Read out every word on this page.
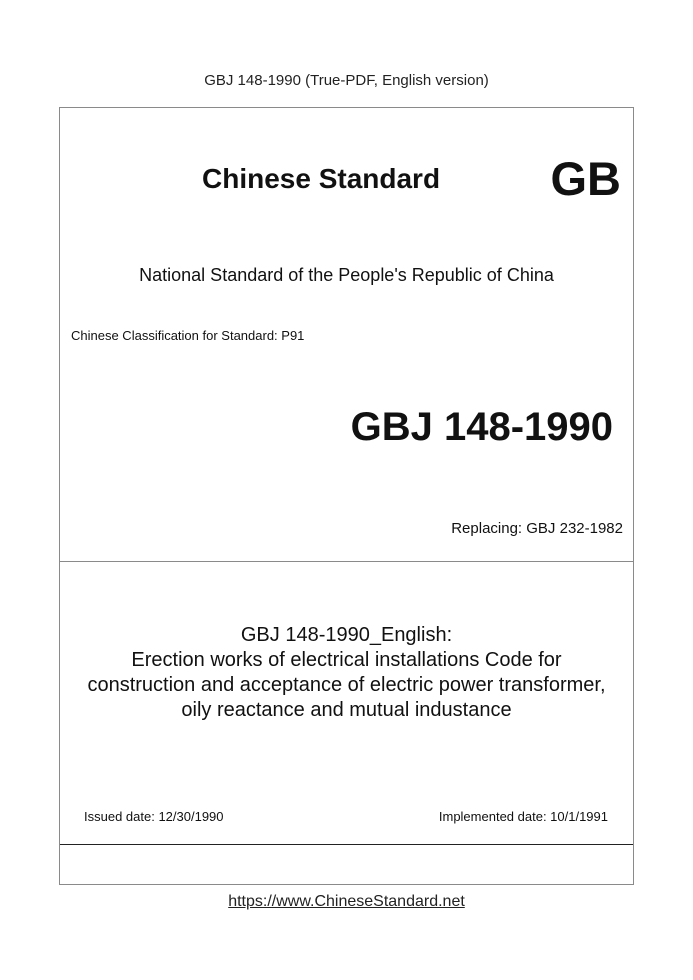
GBJ 148-1990 (True-PDF, English version)
Chinese Standard GB
National Standard of the People's Republic of China
Chinese Classification for Standard: P91
GBJ 148-1990
Replacing: GBJ 232-1982
GBJ 148-1990_English:
Erection works of electrical installations Code for
construction and acceptance of electric power transformer,
oily reactance and mutual industance
Issued date: 12/30/1990	Implemented date: 10/1/1991
https://www.ChineseStandard.net
